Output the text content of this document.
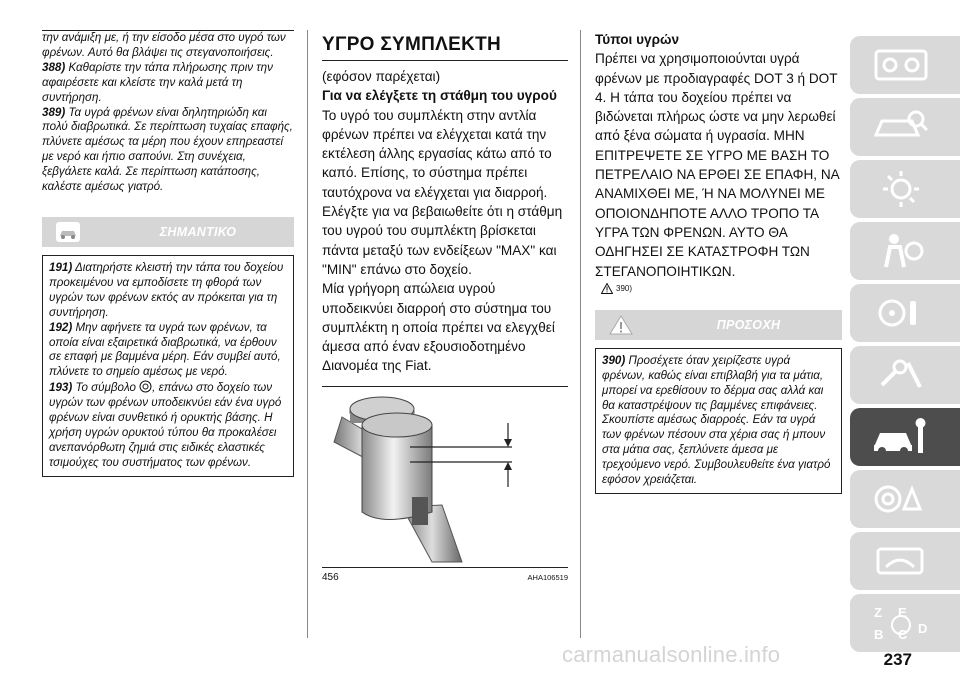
την ανάμιξη με, ή την είσοδο μέσα στο υγρό των φρένων. Αυτό θα βλάψει τις στεγανοποιήσεις.
388) Καθαρίστε την τάπα πλήρωσης πριν την αφαιρέσετε και κλείστε την καλά μετά τη συντήρηση.
389) Τα υγρά φρένων είναι δηλητηριώδη και πολύ διαβρωτικά. Σε περίπτωση τυχαίας επαφής, πλύνετε αμέσως τα μέρη που έχουν επηρεαστεί με νερό και ήπιο σαπούνι. Στη συνέχεια, ξεβγάλετε καλά. Σε περίπτωση κατάποσης, καλέστε αμέσως γιατρό.
ΣΗΜΑΝΤΙΚΟ
191) Διατηρήστε κλειστή την τάπα του δοχείου προκειμένου να εμποδίσετε τη φθορά των υγρών των φρένων εκτός αν πρόκειται για τη συντήρηση.
192) Μην αφήνετε τα υγρά των φρένων, τα οποία είναι εξαιρετικά διαβρωτικά, να έρθουν σε επαφή με βαμμένα μέρη. Εάν συμβεί αυτό, πλύνετε το σημείο αμέσως με νερό.
193) Το σύμβολο , επάνω στο δοχείο των υγρών των φρένων υποδεικνύει εάν ένα υγρό φρένων είναι συνθετικό ή ορυκτής βάσης. Η χρήση υγρών ορυκτού τύπου θα προκαλέσει ανεπανόρθωτη ζημιά στις ειδικές ελαστικές τσιμούχες του συστήματος των φρένων.
ΥΓΡΟ ΣΥΜΠΛΕΚΤΗ
(εφόσον παρέχεται)
Για να ελέγξετε τη στάθμη του υγρού
Το υγρό του συμπλέκτη στην αντλία φρένων πρέπει να ελέγχεται κατά την εκτέλεση άλλης εργασίας κάτω από το καπό. Επίσης, το σύστημα πρέπει ταυτόχρονα να ελέγχεται για διαρροή.
Ελέγξτε για να βεβαιωθείτε ότι η στάθμη του υγρού του συμπλέκτη βρίσκεται πάντα μεταξύ των ενδείξεων "MAX" και "MIN" επάνω στο δοχείο.
Μία γρήγορη απώλεια υγρού υποδεικνύει διαρροή στο σύστημα του συμπλέκτη η οποία πρέπει να ελεγχθεί άμεσα από έναν εξουσιοδοτημένο Διανομέα της Fiat.
456	AHA106519
Τύποι υγρών
Πρέπει να χρησιμοποιούνται υγρά φρένων με προδιαγραφές DOT 3 ή DOT 4. Η τάπα του δοχείου πρέπει να βιδώνεται πλήρως ώστε να μην λερωθεί από ξένα σώματα ή υγρασία. ΜΗΝ ΕΠΙΤΡΕΨΕΤΕ ΣΕ ΥΓΡΟ ΜΕ ΒΑΣΗ ΤΟ ΠΕΤΡΕΛΑΙΟ ΝΑ ΕΡΘΕΙ ΣΕ ΕΠΑΦΗ, ΝΑ ΑΝΑΜΙΧΘΕΙ ΜΕ, Ή ΝΑ ΜΟΛΥΝΕΙ ΜΕ ΟΠΟΙΟΝΔΗΠΟΤΕ ΑΛΛΟ ΤΡΟΠΟ ΤΑ ΥΓΡΑ ΤΩΝ ΦΡΕΝΩΝ. ΑΥΤΟ ΘΑ ΟΔΗΓΗΣΕΙ ΣΕ ΚΑΤΑΣΤΡΟΦΗ ΤΩΝ ΣΤΕΓΑΝΟΠΟΙΗΤΙΚΩΝ.
390)
ΠΡΟΣΟΧΗ
390) Προσέχετε όταν χειρίζεστε υγρά φρένων, καθώς είναι επιβλαβή για τα μάτια, μπορεί να ερεθίσουν το δέρμα σας αλλά και θα καταστρέψουν τις βαμμένες επιφάνειες. Σκουπίστε αμέσως διαρροές. Εάν τα υγρά των φρένων πέσουν στα χέρια σας ή μπουν στα μάτια σας, ξεπλύνετε άμεσα με τρεχούμενο νερό. Συμβουλευθείτε ένα γιατρό εφόσον χρειάζεται.
Z E
B C D
carmanualsonline.info	237
